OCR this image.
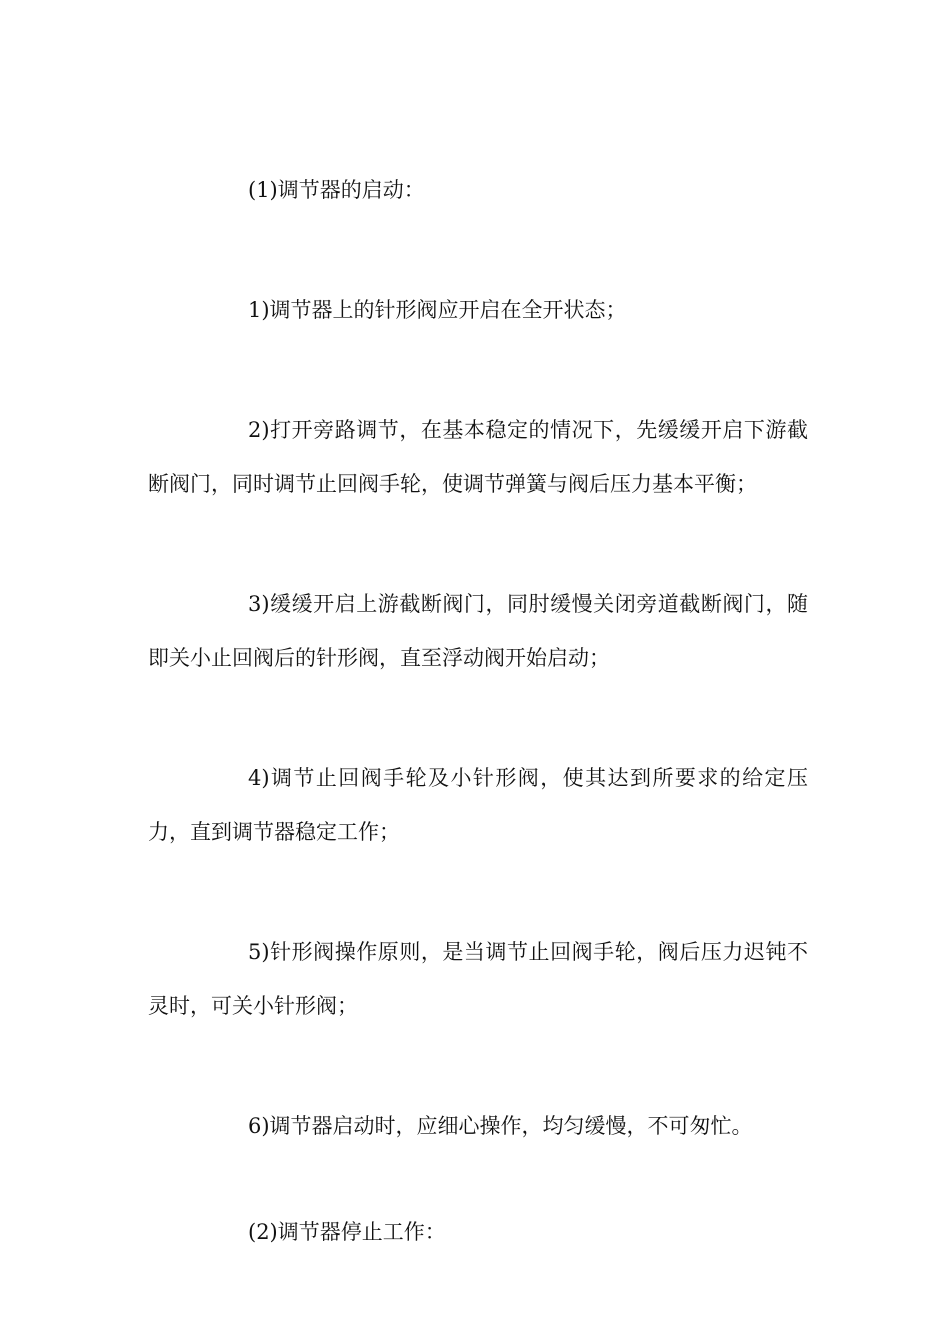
(1)调节器的启动：

1)调节器上的针形阀应开启在全开状态；

2)打开旁路调节，在基本稳定的情况下，先缓缓开启下游截断阀门，同时调节止回阀手轮，使调节弹簧与阀后压力基本平衡；

3)缓缓开启上游截断阀门，同肘缓慢关闭旁道截断阀门，随即关小止回阀后的针形阀，直至浮动阀开始启动；

4)调节止回阀手轮及小针形阀，使其达到所要求的给定压力，直到调节器稳定工作；

5)针形阀操作原则，是当调节止回阀手轮，阀后压力迟钝不灵时，可关小针形阀；

6)调节器启动时，应细心操作，均匀缓慢，不可匆忙。

(2)调节器停止工作：
